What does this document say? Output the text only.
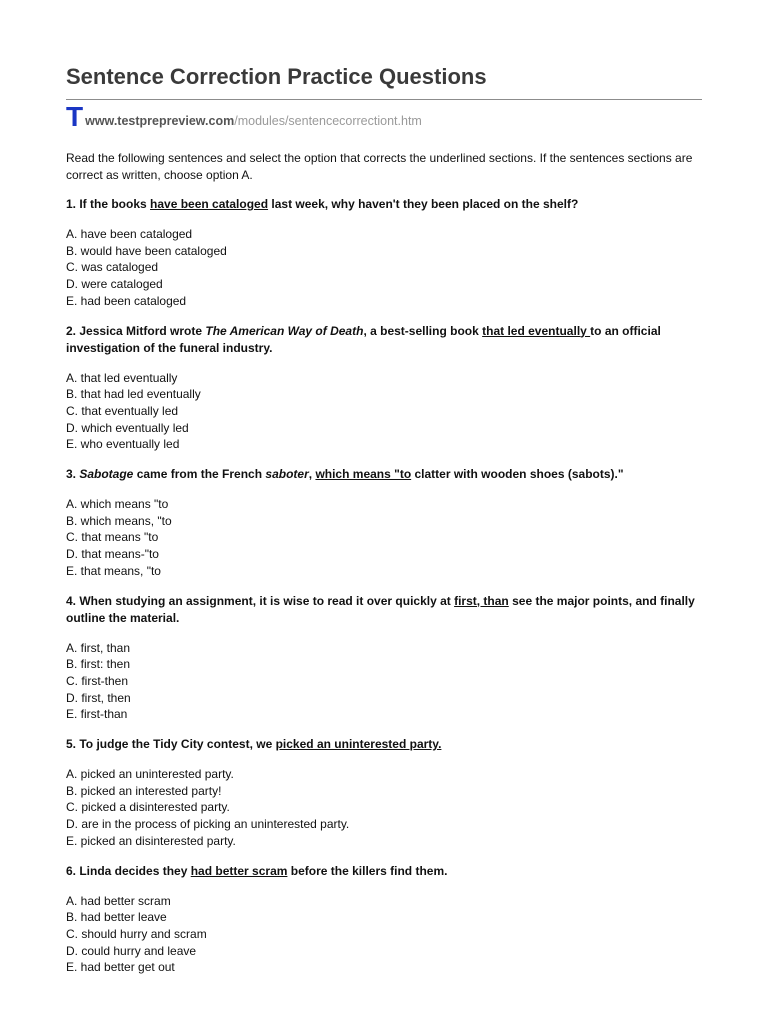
Sentence Correction Practice Questions
T www.testprepreview.com /modules/sentencecorrectiont.htm

Read the following sentences and select the option that corrects the underlined sections. If the sentences sections are correct as written, choose option A.

1. If the books have been cataloged last week, why haven't they been placed on the shelf?
A. have been cataloged
B. would have been cataloged
C. was cataloged
D. were cataloged
E. had been cataloged
2. Jessica Mitford wrote The American Way of Death, a best-selling book that led eventually to an official investigation of the funeral industry.
A. that led eventually
B. that had led eventually
C. that eventually led
D. which eventually led
E. who eventually led
3. Sabotage came from the French saboter, which means "to clatter with wooden shoes (sabots)."
A. which means "to
B. which means, "to
C. that means "to
D. that means-"to
E. that means, "to
4. When studying an assignment, it is wise to read it over quickly at first, than see the major points, and finally outline the material.
A. first, than
B. first: then
C. first-then
D. first, then
E. first-than
5. To judge the Tidy City contest, we picked an uninterested party.
A. picked an uninterested party.
B. picked an interested party!
C. picked a disinterested party.
D. are in the process of picking an uninterested party.
E. picked an disinterested party.
6. Linda decides they had better scram before the killers find them.
A. had better scram
B. had better leave
C. should hurry and scram
D. could hurry and leave
E. had better get out
